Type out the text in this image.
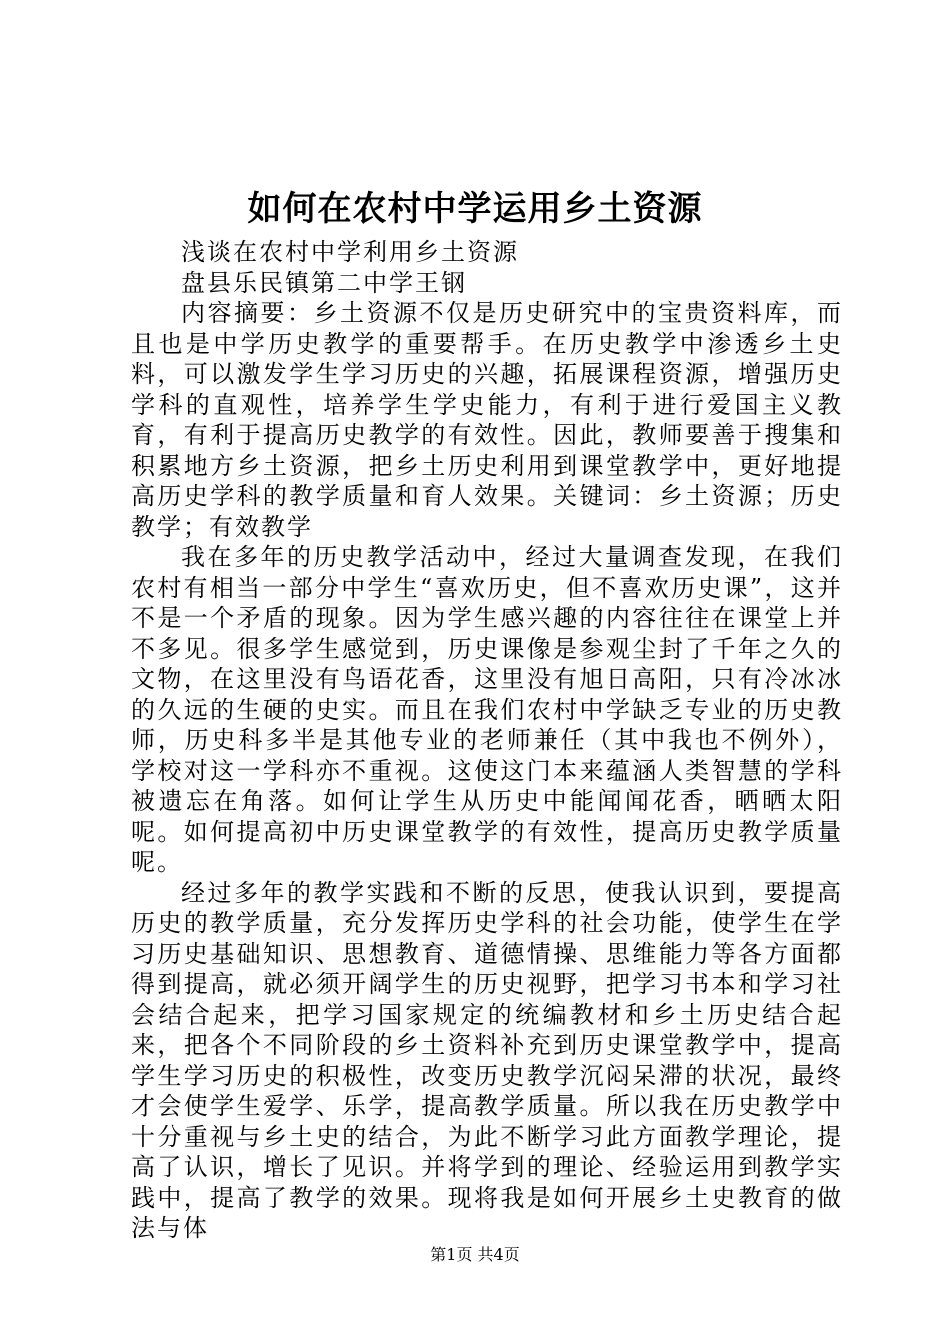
如何在农村中学运用乡土资源

浅谈在农村中学利用乡土资源

盘县乐民镇第二中学王钢

内容摘要：乡土资源不仅是历史研究中的宝贵资料库，而且也是中学历史教学的重要帮手。在历史教学中渗透乡土史料，可以激发学生学习历史的兴趣，拓展课程资源，增强历史学科的直观性，培养学生学史能力，有利于进行爱国主义教育，有利于提高历史教学的有效性。因此，教师要善于搜集和积累地方乡土资源，把乡土历史利用到课堂教学中，更好地提高历史学科的教学质量和育人效果。关键词：乡土资源；历史教学；有效教学

我在多年的历史教学活动中，经过大量调查发现，在我们农村有相当一部分中学生“喜欢历史，但不喜欢历史课”，这并不是一个矛盾的现象。因为学生感兴趣的内容往往在课堂上并不多见。很多学生感觉到，历史课像是参观尘封了千年之久的文物，在这里没有鸟语花香，这里没有旭日高阳，只有冷冰冰的久远的生硬的史实。而且在我们农村中学缺乏专业的历史教师，历史科多半是其他专业的老师兼任（其中我也不例外），学校对这一学科亦不重视。这使这门本来蕴涵人类智慧的学科被遗忘在角落。如何让学生从历史中能闻闻花香，晒晒太阳呢。如何提高初中历史课堂教学的有效性，提高历史教学质量呢。

经过多年的教学实践和不断的反思，使我认识到，要提高历史的教学质量，充分发挥历史学科的社会功能，使学生在学习历史基础知识、思想教育、道德情操、思维能力等各方面都得到提高，就必须开阔学生的历史视野，把学习书本和学习社会结合起来，把学习国家规定的统编教材和乡土历史结合起来，把各个不同阶段的乡土资料补充到历史课堂教学中，提高学生学习历史的积极性，改变历史教学沉闷呆滞的状况，最终才会使学生爱学、乐学，提高教学质量。所以我在历史教学中十分重视与乡土史的结合，为此不断学习此方面教学理论，提高了认识，增长了见识。并将学到的理论、经验运用到教学实践中，提高了教学的效果。现将我是如何开展乡土史教育的做法与体

第1页 共4页
